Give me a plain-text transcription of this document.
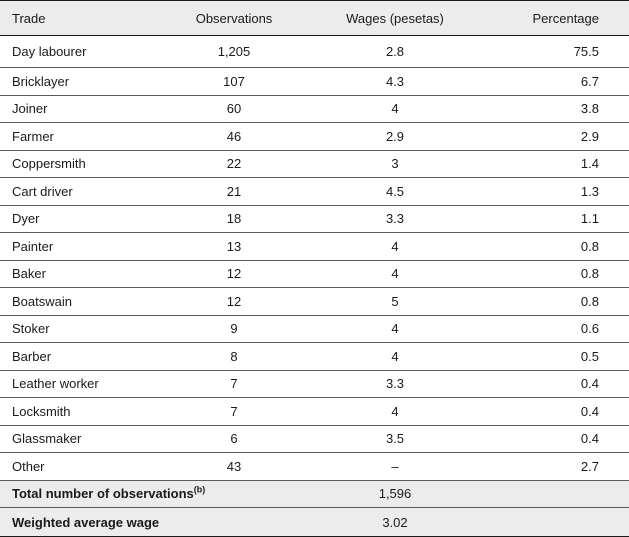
Trade	Observations	Wages (pesetas)	Percentage
Day labourer	1,205	2.8	75.5
Bricklayer	107	4.3	6.7
Joiner	60	4	3.8
Farmer	46	2.9	2.9
Coppersmith	22	3	1.4
Cart driver	21	4.5	1.3
Dyer	18	3.3	1.1
Painter	13	4	0.8
Baker	12	4	0.8
Boatswain	12	5	0.8
Stoker	9	4	0.6
Barber	8	4	0.5
Leather worker	7	3.3	0.4
Locksmith	7	4	0.4
Glassmaker	6	3.5	0.4
Other	43	–	2.7
Total number of observations$^{(b)}$		1,596	
Weighted average wage		3.02	
